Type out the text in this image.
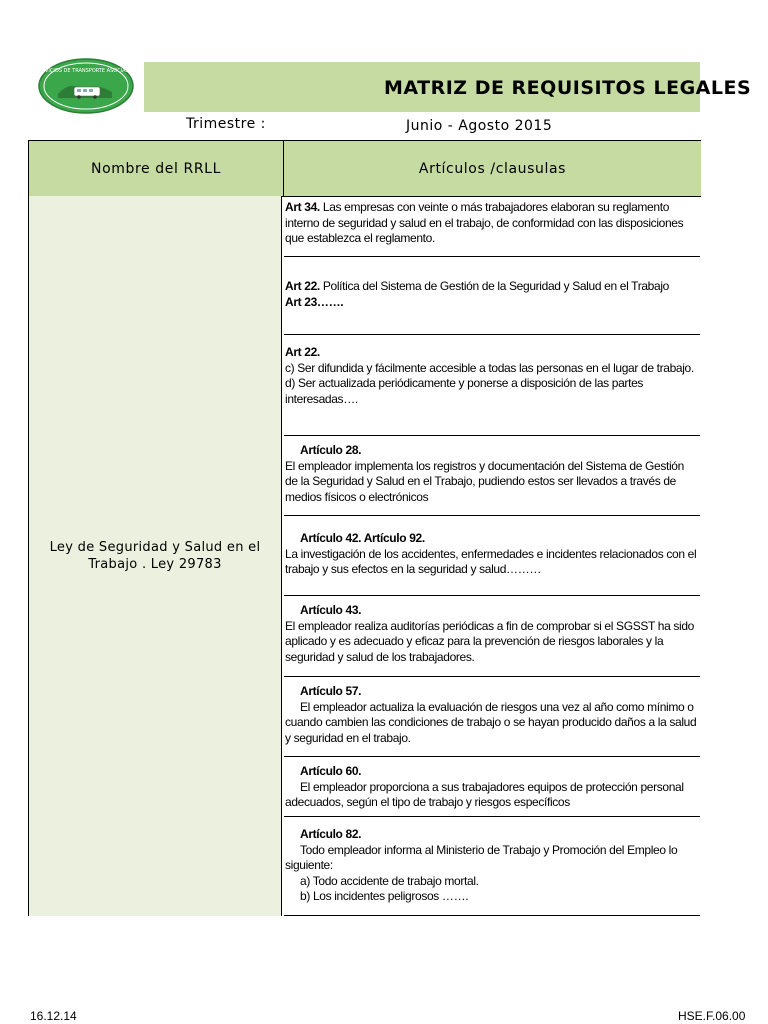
SERVICIOS DE TRANSPORTE ASOCIADOS
MATRIZ DE REQUISITOS LEGALES
Trimestre :	Junio - Agosto 2015
Nombre del RRLL	Artículos /clausulas
Ley de Seguridad y Salud en el Trabajo . Ley 29783
Art 34. Las empresas con veinte o más trabajadores elaboran su reglamento interno de seguridad y salud en el trabajo, de conformidad con las disposiciones que establezca el reglamento.
Art 22. Política del Sistema de Gestión de la Seguridad y Salud en el Trabajo
Art 23…….
Art 22.
c) Ser difundida y fácilmente accesible a todas las personas en el lugar de trabajo.
d) Ser actualizada periódicamente y ponerse a disposición de las partes interesadas….
Artículo 28.
El empleador implementa los registros y documentación del Sistema de Gestión de la Seguridad y Salud en el Trabajo, pudiendo estos ser llevados a través de medios físicos o electrónicos
Artículo 42. Artículo 92.
La investigación de los accidentes, enfermedades e incidentes relacionados con el trabajo y sus efectos en la seguridad y salud………
Artículo 43.
El empleador realiza auditorías periódicas a fin de comprobar si el SGSST ha sido aplicado y es adecuado y eficaz para la prevención de riesgos laborales y la seguridad y salud de los trabajadores.
Artículo 57.
El empleador actualiza la evaluación de riesgos una vez al año como mínimo o cuando cambien las condiciones de trabajo o se hayan producido daños a la salud y seguridad en el trabajo.
Artículo 60.
El empleador proporciona a sus trabajadores equipos de protección personal adecuados, según el tipo de trabajo y riesgos específicos
Artículo 82.
Todo empleador informa al Ministerio de Trabajo y Promoción del Empleo lo siguiente:
a) Todo accidente de trabajo mortal.
b) Los incidentes peligrosos …….
16.12.14	HSE.F.06.00
